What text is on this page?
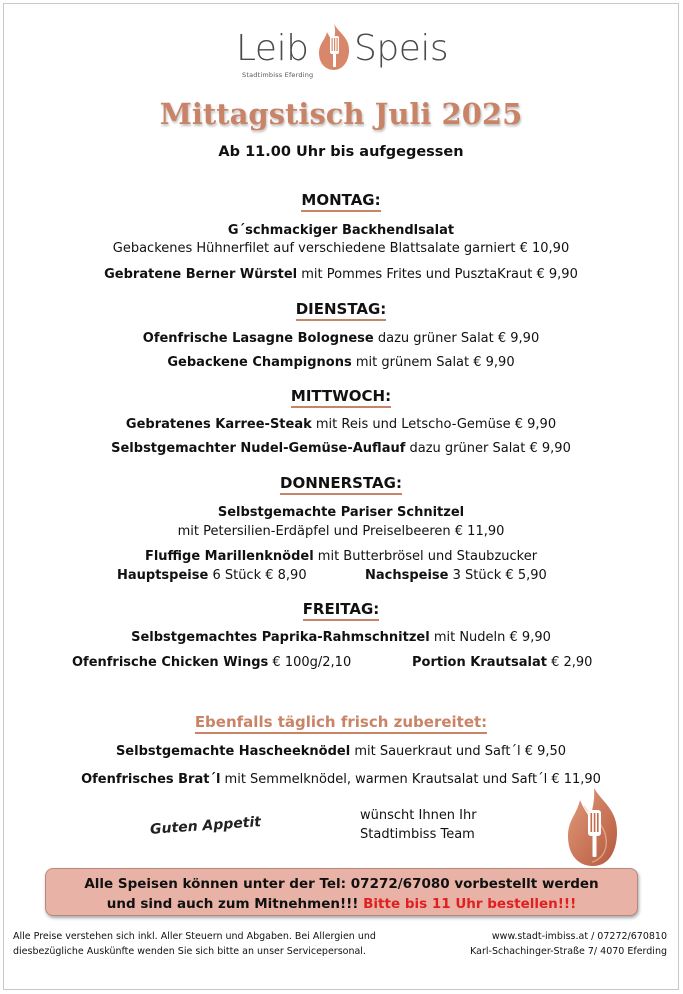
Leib Speis
Stadtimbiss Eferding
Mittagstisch Juli 2025
Ab 11.00 Uhr bis aufgegessen
MONTAG:
G´schmackiger Backhendlsalat
Gebackenes Hühnerfilet auf verschiedene Blattsalate garniert € 10,90
Gebratene Berner Würstel mit Pommes Frites und PusztaKraut € 9,90
DIENSTAG:
Ofenfrische Lasagne Bolognese dazu grüner Salat € 9,90
Gebackene Champignons mit grünem Salat € 9,90
MITTWOCH:
Gebratenes Karree-Steak mit Reis und Letscho-Gemüse € 9,90
Selbstgemachter Nudel-Gemüse-Auflauf dazu grüner Salat € 9,90
DONNERSTAG:
Selbstgemachte Pariser Schnitzel
mit Petersilien-Erdäpfel und Preiselbeeren € 11,90
Fluffige Marillenknödel mit Butterbrösel und Staubzucker
Hauptspeise 6 Stück € 8,90	Nachspeise 3 Stück € 5,90
FREITAG:
Selbstgemachtes Paprika-Rahmschnitzel mit Nudeln € 9,90
Ofenfrische Chicken Wings € 100g/2,10	Portion Krautsalat € 2,90
Ebenfalls täglich frisch zubereitet:
Selbstgemachte Hascheeknödel mit Sauerkraut und Saft´l € 9,50
Ofenfrisches Brat´l mit Semmelknödel, warmen Krautsalat und Saft´l € 11,90
Guten Appetit	wünscht Ihnen Ihr
Stadtimbiss Team
Alle Speisen können unter der Tel: 07272/67080 vorbestellt werden
und sind auch zum Mitnehmen!!! Bitte bis 11 Uhr bestellen!!!
Alle Preise verstehen sich inkl. Aller Steuern und Abgaben. Bei Allergien und
diesbezügliche Auskünfte wenden Sie sich bitte an unser Servicepersonal.
www.stadt-imbiss.at / 07272/670810
Karl-Schachinger-Straße 7/ 4070 Eferding
